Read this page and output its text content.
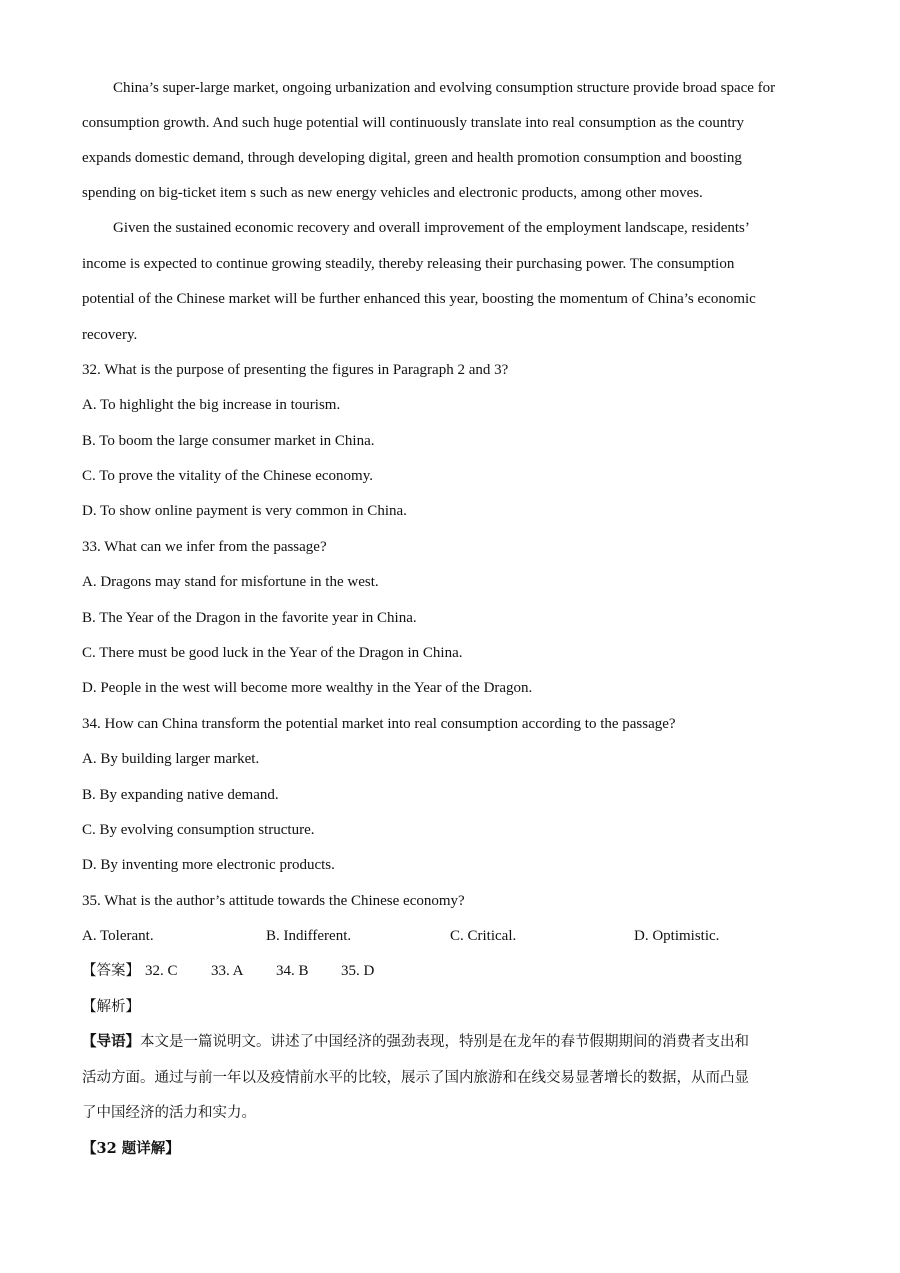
China’s super-large market, ongoing urbanization and evolving consumption structure provide broad space for
consumption growth. And such huge potential will continuously translate into real consumption as the country
expands domestic demand, through developing digital, green and health promotion consumption and boosting
spending on big-ticket item s such as new energy vehicles and electronic products, among other moves.
Given the sustained economic recovery and overall improvement of the employment landscape, residents’
income is expected to continue growing steadily, thereby releasing their purchasing power. The consumption
potential of the Chinese market will be further enhanced this year, boosting the momentum of China’s economic
recovery.
32. What is the purpose of presenting the figures in Paragraph 2 and 3?
A. To highlight the big increase in tourism.
B. To boom the large consumer market in China.
C. To prove the vitality of the Chinese economy.
D. To show online payment is very common in China.
33. What can we infer from the passage?
A. Dragons may stand for misfortune in the west.
B. The Year of the Dragon in the favorite year in China.
C. There must be good luck in the Year of the Dragon in China.
D. People in the west will become more wealthy in the Year of the Dragon.
34. How can China transform the potential market into real consumption according to the passage?
A. By building larger market.
B. By expanding native demand.
C. By evolving consumption structure.
D. By inventing more electronic products.
35. What is the author’s attitude towards the Chinese economy?
A. Tolerant.	B. Indifferent.	C. Critical.	D. Optimistic.
【答案】 32. C 33. A 34. B 35. D
【解析】
【导语】本文是一篇说明文。讲述了中国经济的强劲表现，特别是在龙年的春节假期期间的消费者支出和
活动方面。通过与前一年以及疫情前水平的比较，展示了国内旅游和在线交易显著增长的数据，从而凸显
了中国经济的活力和实力。
【32 题详解】
